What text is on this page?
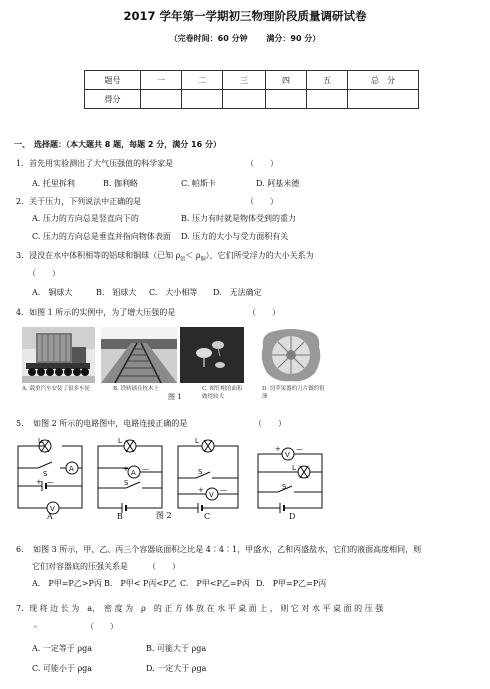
2017 学年第一学期初三物理阶段质量调研试卷
（完卷时间：60 分钟 满分：90 分）
题号	一	二	三	四	五	总　分
得分						
一、　选择题：（本大题共 8 题，每题 2 分，满分 16 分）
1．首先用实验测出了大气压强值的科学家是	（　　）
A. 托里拆利	B. 伽利略	C. 帕斯卡	D. 阿基米德
2．关于压力，下列说法中正确的是	（　　）
A. 压力的方向总是竖直向下的	B. 压力有时就是物体受到的重力
C. 压力的方向总是垂直并指向物体表面 D. 压力的大小与受力面积有关
3．浸没在水中体积相等的铝球和铜球（已知 $\rho_铝< \rho_铜$），它们所受浮力的大小关系为
（　　）
A.　铜球大	B.　铝球大 C.　大小相等 D.　无法确定
4．如图 1 所示的实例中，为了增大压强的是	（　　）
A. 载重汽车安装了很多车轮	B. 铁轨铺在枕木上	C. 图钉帽的面积做得较大
D. 切苹果器的刀片做的很薄
图 1
5．　如图 2 所示的电路图中，电路连接正确的是	（　　）
L
A
V
+ —
S
L
A
S
+ —
L
V
S
+ —
V
+ —
L
S
A	B	图 2	C	D
6．　如图 3 所示，甲、乙、丙三个容器底面积之比是 4∶4∶1，甲盛水，乙和丙盛盐水，它们的液面高度相同，则
它们对容器底的压强关系是	（　　）
A.　P甲=P乙>P丙 B.　P甲< P丙<P乙 C.　P甲<P乙=P丙 D.　P甲=P乙=P丙
7．现 将 边 长 为　a，　密 度 为　ρ　的 正 方 体 放 在 水 平 桌 面 上 ， 则 它 对 水 平 桌 面 的 压 强
。	（　　）
A. 一定等于 ρga	B. 可能大于 ρga
C. 可能小于 ρga	D. 一定大于 ρga
